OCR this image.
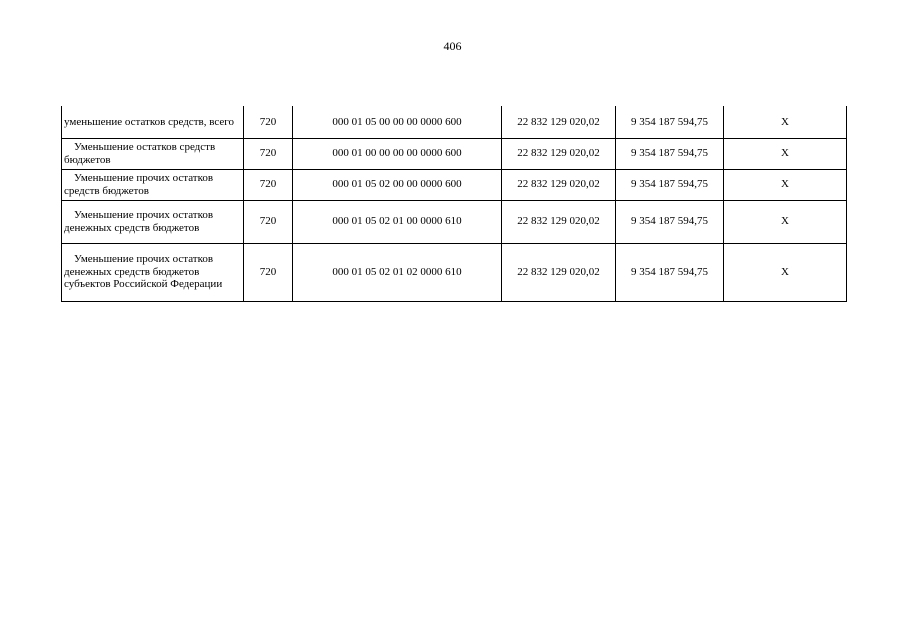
406
уменьшение остатков средств, всего	720	000 01 05 00 00 00 0000 600	22 832 129 020,02	9 354 187 594,75	X
Уменьшение остатков средств бюджетов	720	000 01 00 00 00 00 0000 600	22 832 129 020,02	9 354 187 594,75	X
Уменьшение прочих остатков средств бюджетов	720	000 01 05 02 00 00 0000 600	22 832 129 020,02	9 354 187 594,75	X
Уменьшение прочих остатков денежных средств бюджетов	720	000 01 05 02 01 00 0000 610	22 832 129 020,02	9 354 187 594,75	X
Уменьшение прочих остатков денежных средств бюджетов субъектов Российской Федерации	720	000 01 05 02 01 02 0000 610	22 832 129 020,02	9 354 187 594,75	X
